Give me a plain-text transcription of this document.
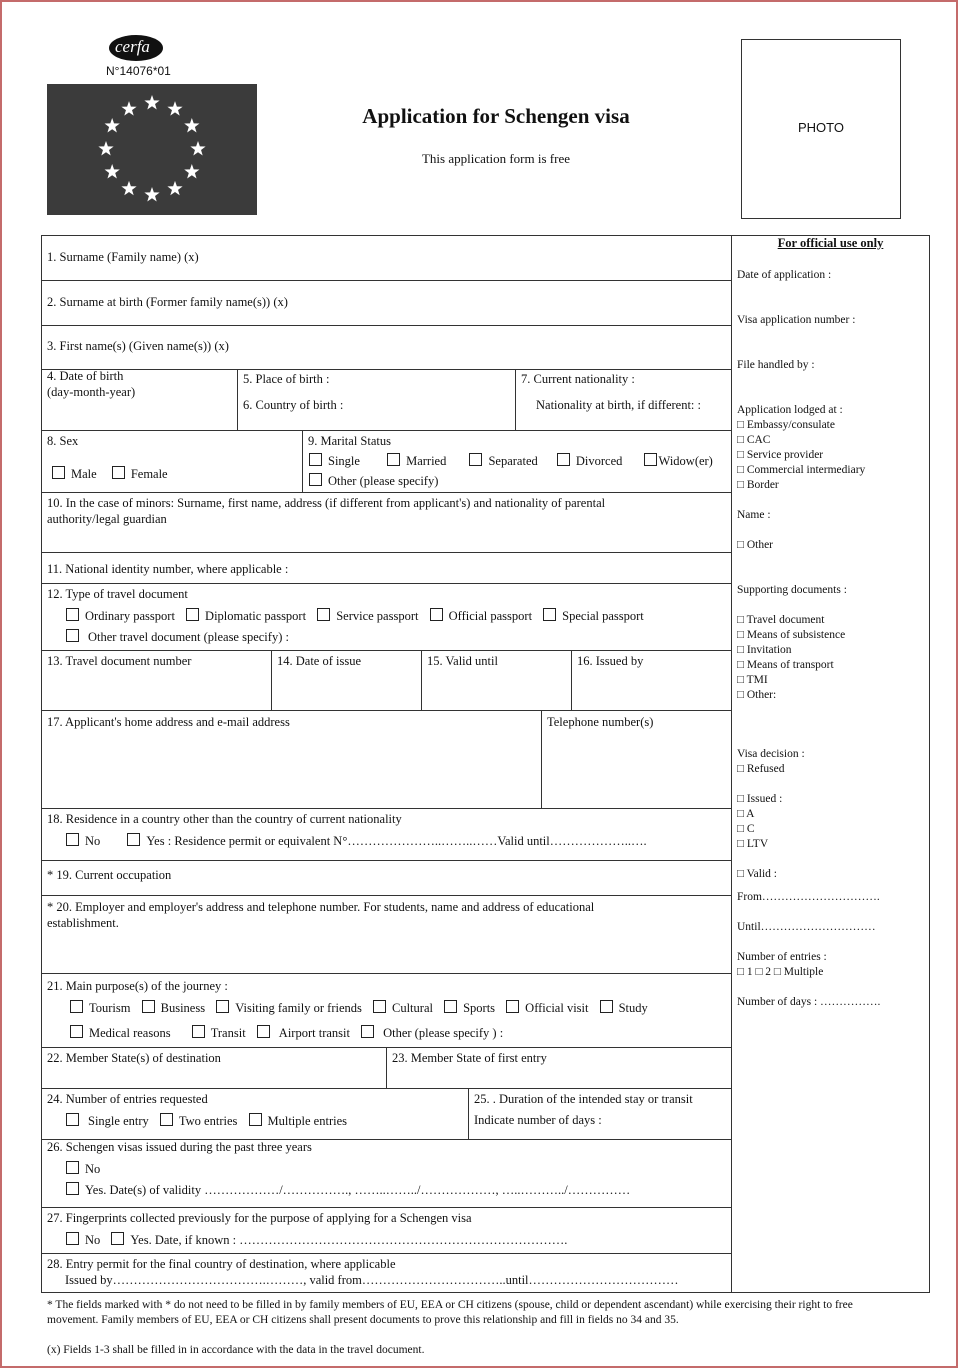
cerfa
N°14076*01
Application for Schengen visa
This application form is free
PHOTO
1. Surname (Family name) (x)
2. Surname at birth (Former family name(s)) (x)
3. First name(s) (Given name(s)) (x)
4. Date of birth
(day-month-year)
5. Place of birth :
6. Country of birth :
7. Current nationality :
Nationality at birth, if different: :
8. Sex
Male	Female
9. Marital Status
Single	Married	Separated	Divorced	Widow(er)
Other (please specify)
10. In the case of minors: Surname, first name, address (if different from applicant's) and nationality of parental
authority/legal guardian
11. National identity number, where applicable :
12. Type of travel document
Ordinary passport Diplomatic passport Service passport Official passport Special passport
Other travel document (please specify) :
13. Travel document number	14. Date of issue	15. Valid until	16. Issued by
17. Applicant's home address and e-mail address	Telephone number(s)
18. Residence in a country other than the country of current nationality
No	Yes : Residence permit or equivalent N°…………………..……..……Valid until………………..….
* 19. Current occupation
* 20. Employer and employer's address and telephone number. For students, name and address of educational
establishment.
21. Main purpose(s) of the journey :
Tourism Business Visiting family or friends Cultural Sports Official visit Study
Medical reasons	Transit	Airport transit	Other (please specify ) :
22. Member State(s) of destination	23. Member State of first entry
24. Number of entries requested
Single entry Two entries Multiple entries
25. . Duration of the intended stay or transit
Indicate number of days :
26. Schengen visas issued during the past three years
No
Yes. Date(s) of validity ………………/……………., ……..……../………………, …..………../……………
27. Fingerprints collected previously for the purpose of applying for a Schengen visa
No Yes. Date, if known : …………………………………………………………………….
28. Entry permit for the final country of destination, where applicable
Issued by……………………………….………, valid from……………………………..until………………………………
For official use only
Date of application :
Visa application number :
File handled by :
Application lodged at :
□ Embassy/consulate
□ CAC
□ Service provider
□ Commercial intermediary
□ Border
Name :
□ Other
Supporting documents :
□ Travel document
□ Means of subsistence
□ Invitation
□ Means of transport
□ TMI
□ Other:
Visa decision :
□ Refused
□ Issued :
□ A
□ C
□ LTV
□ Valid :
From………………………….
Until…………………………
Number of entries :
□ 1 □ 2 □ Multiple
Number of days : …………….
* The fields marked with * do not need to be filled in by family members of EU, EEA or CH citizens (spouse, child or dependent ascendant) while exercising their right to free
movement. Family members of EU, EEA or CH citizens shall present documents to prove this relationship and fill in fields no 34 and 35.
(x) Fields 1-3 shall be filled in in accordance with the data in the travel document.
